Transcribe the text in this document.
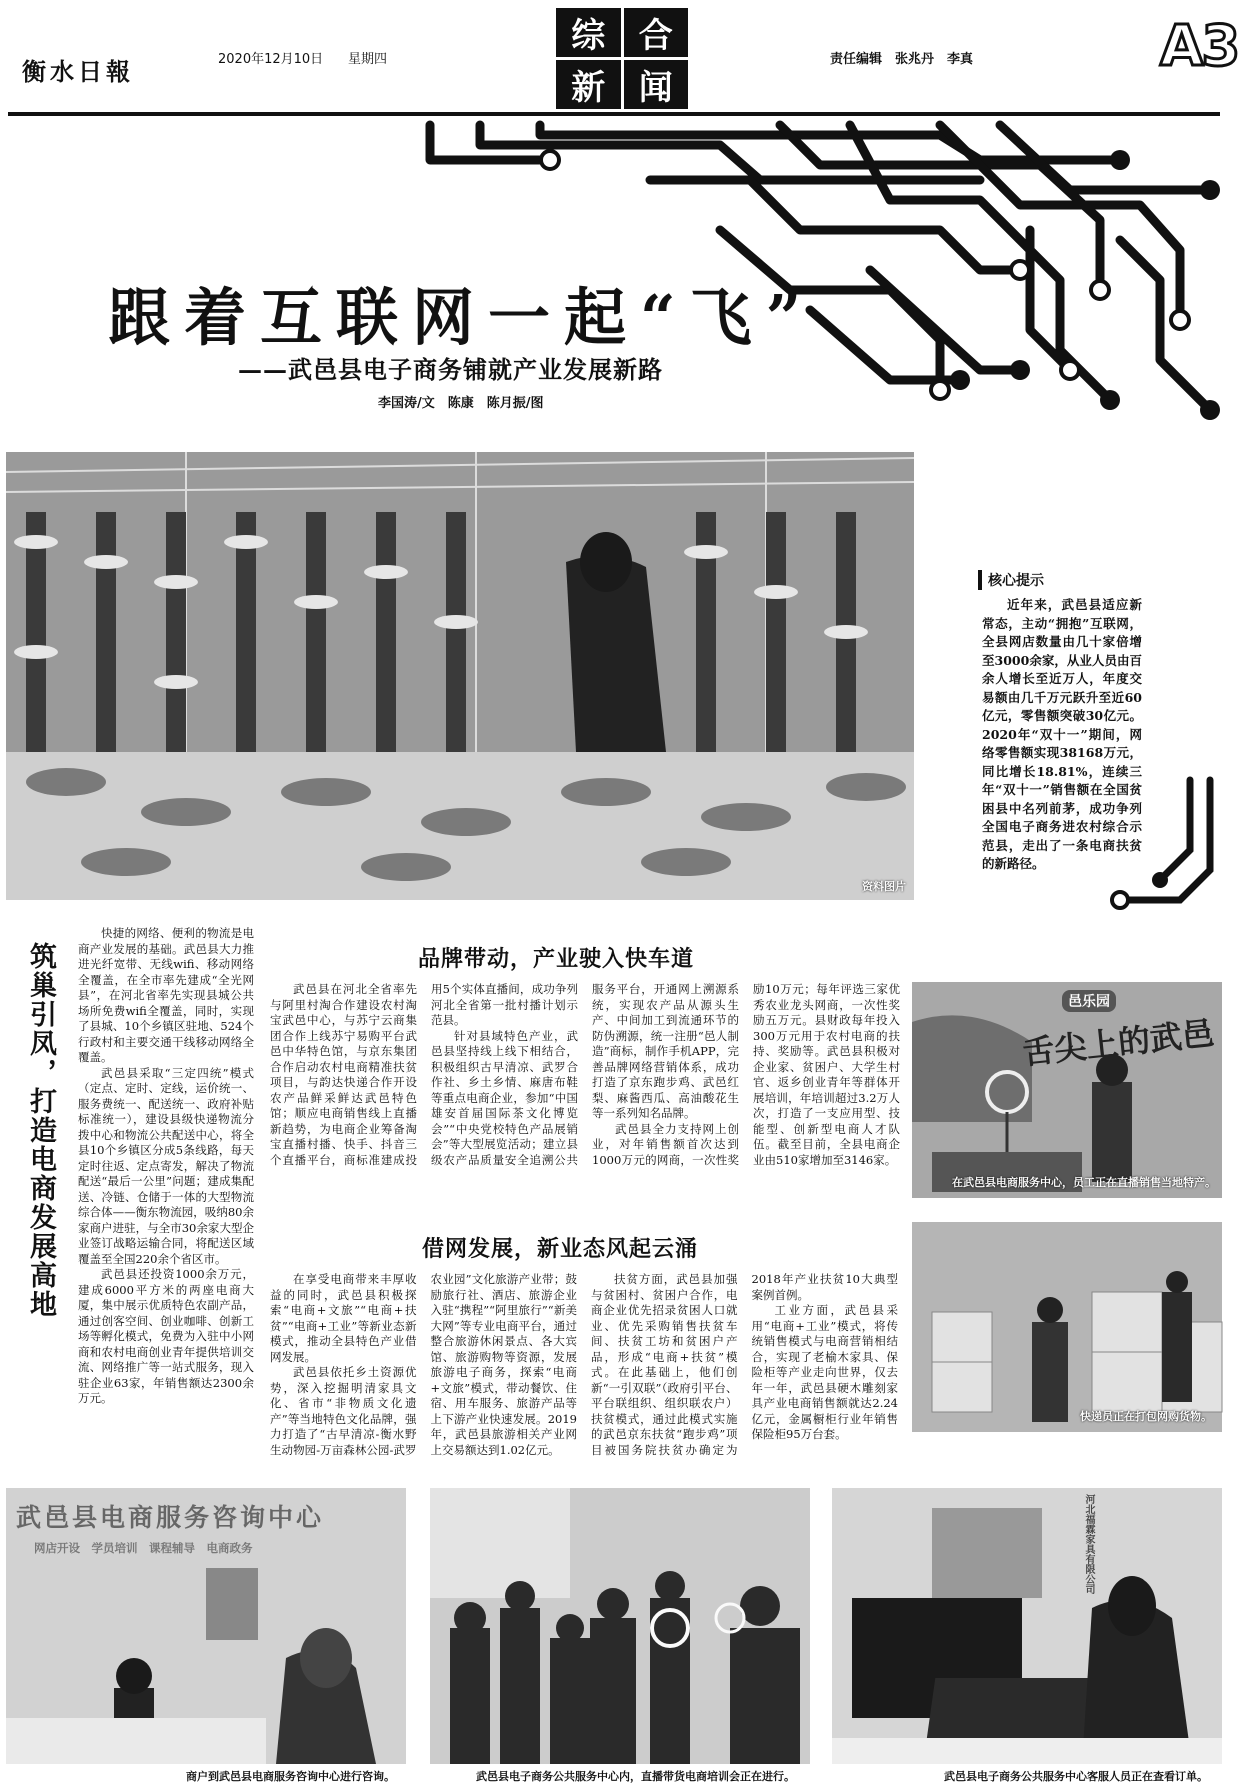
衡水日報	2020年12月10日 星期四
综 合
新 闻
责任编辑　张兆丹　李真	A3
跟着互联网一起“飞”
——武邑县电子商务铺就产业发展新路
李国涛/文　陈康　陈月振/图
资料图片
核心提示
近年来，武邑县适应新常态，主动“拥抱”互联网，全县网店数量由几十家倍增至3000余家，从业人员由百余人增长至近万人，年度交易额由几千万元跃升至近60亿元，零售额突破30亿元。2020年“双十一”期间，网络零售额实现38168万元，同比增长18.81%，连续三年“双十一”销售额在全国贫困县中名列前茅，成功争列全国电子商务进农村综合示范县，走出了一条电商扶贫的新路径。
筑巢引凤，打造电商发展高地

快捷的网络、便利的物流是电商产业发展的基础。武邑县大力推进光纤宽带、无线wifi、移动网络全覆盖，在全市率先建成“全光网县”，在河北省率先实现县城公共场所免费wifi全覆盖，同时，实现了县城、10个乡镇区驻地、524个行政村和主要交通干线移动网络全覆盖。

武邑县采取“三定四统”模式（定点、定时、定线，运价统一、服务费统一、配送统一、政府补贴标准统一），建设县级快递物流分拨中心和物流公共配送中心，将全县10个乡镇区分成5条线路，每天定时往返、定点寄发，解决了物流配送“最后一公里”问题；建成集配送、冷链、仓储于一体的大型物流综合体——衡东物流园，吸纳80余家商户进驻，与全市30余家大型企业签订战略运输合同，将配送区域覆盖至全国220余个省区市。

武邑县还投资1000余万元，建成6000平方米的两座电商大厦，集中展示优质特色农副产品，通过创客空间、创业咖啡、创新工场等孵化模式，免费为入驻中小网商和农村电商创业青年提供培训交流、网络推广等一站式服务，现入驻企业63家，年销售额达2300余万元。

品牌带动，产业驶入快车道

武邑县在河北全省率先与阿里村淘合作建设农村淘宝武邑中心，与苏宁云商集团合作上线苏宁易购平台武邑中华特色馆，与京东集团合作启动农村电商精准扶贫项目，与韵达快递合作开设农产品鲜采鲜达武邑特色馆；顺应电商销售线上直播新趋势，为电商企业筹备淘宝直播村播、快手、抖音三个直播平台，商标准建成投用5个实体直播间，成功争列河北全省第一批村播计划示范县。

针对县域特色产业，武邑县坚持线上线下相结合，积极组织古早清凉、武罗合作社、乡土乡情、麻唐布鞋等重点电商企业，参加“中国雄安首届国际茶文化博览会”“中央党校特色产品展销会”等大型展览活动；建立县级农产品质量安全追溯公共服务平台，开通网上溯源系统，实现农产品从源头生产、中间加工到流通环节的防伪溯源，统一注册“邑人制造”商标，制作手机APP，完善品牌网络营销体系，成功打造了京东跑步鸡、武邑红梨、麻酱西瓜、高油酸花生等一系列知名品牌。

武邑县全力支持网上创业，对年销售额首次达到1000万元的网商，一次性奖励10万元；每年评选三家优秀农业龙头网商，一次性奖励五万元。县财政每年投入300万元用于农村电商的扶持、奖励等。武邑县积极对企业家、贫困户、大学生村官、返乡创业青年等群体开展培训，年培训超过3.2万人次，打造了一支应用型、技能型、创新型电商人才队伍。截至目前，全县电商企业由510家增加至3146家。

邑乐园
舌尖上的武邑
在武邑县电商服务中心，员工正在直播销售当地特产。
借网发展，新业态风起云涌

在享受电商带来丰厚收益的同时，武邑县积极探索“电商+文旅”“电商+扶贫”“电商+工业”等新业态新模式，推动全县特色产业借网发展。

武邑县依托乡土资源优势，深入挖掘明清家具文化、省市“非物质文化遗产”等当地特色文化品牌，强力打造了“古早清凉-衡水野生动物园-万亩森林公园-武罗农业园”文化旅游产业带；鼓励旅行社、酒店、旅游企业入驻“携程”“阿里旅行”“新美大网”等专业电商平台，通过整合旅游休闲景点、各大宾馆、旅游购物等资源，发展旅游电子商务，探索“电商+文旅”模式，带动餐饮、住宿、用车服务、旅游产品等上下游产业快速发展。2019年，武邑县旅游相关产业网上交易额达到1.02亿元。

扶贫方面，武邑县加强与贫困村、贫困户合作，电商企业优先招录贫困人口就业、优先采购销售扶贫车间、扶贫工坊和贫困户产品，形成“电商+扶贫”模式。在此基础上，他们创新“一引双联”（政府引平台、平台联组织、组织联农户）扶贫模式，通过此模式实施的武邑京东扶贫“跑步鸡”项目被国务院扶贫办确定为2018年产业扶贫10大典型案例首例。

工业方面，武邑县采用“电商+工业”模式，将传统销售模式与电商营销相结合，实现了老榆木家具、保险柜等产业走向世界，仅去年一年，武邑县硬木雕刻家具产业电商销售额就达2.24亿元，金属橱柜行业年销售保险柜95万台套。

快递员正在打包网购货物。
武邑县电商服务咨询中心
网店开设　学员培训　课程辅导　电商政务
商户到武邑县电商服务咨询中心进行咨询。	武邑县电子商务公共服务中心内，直播带货电商培训会正在进行。
河北福霖家具有限公司
武邑县电子商务公共服务中心客服人员正在查看订单。
